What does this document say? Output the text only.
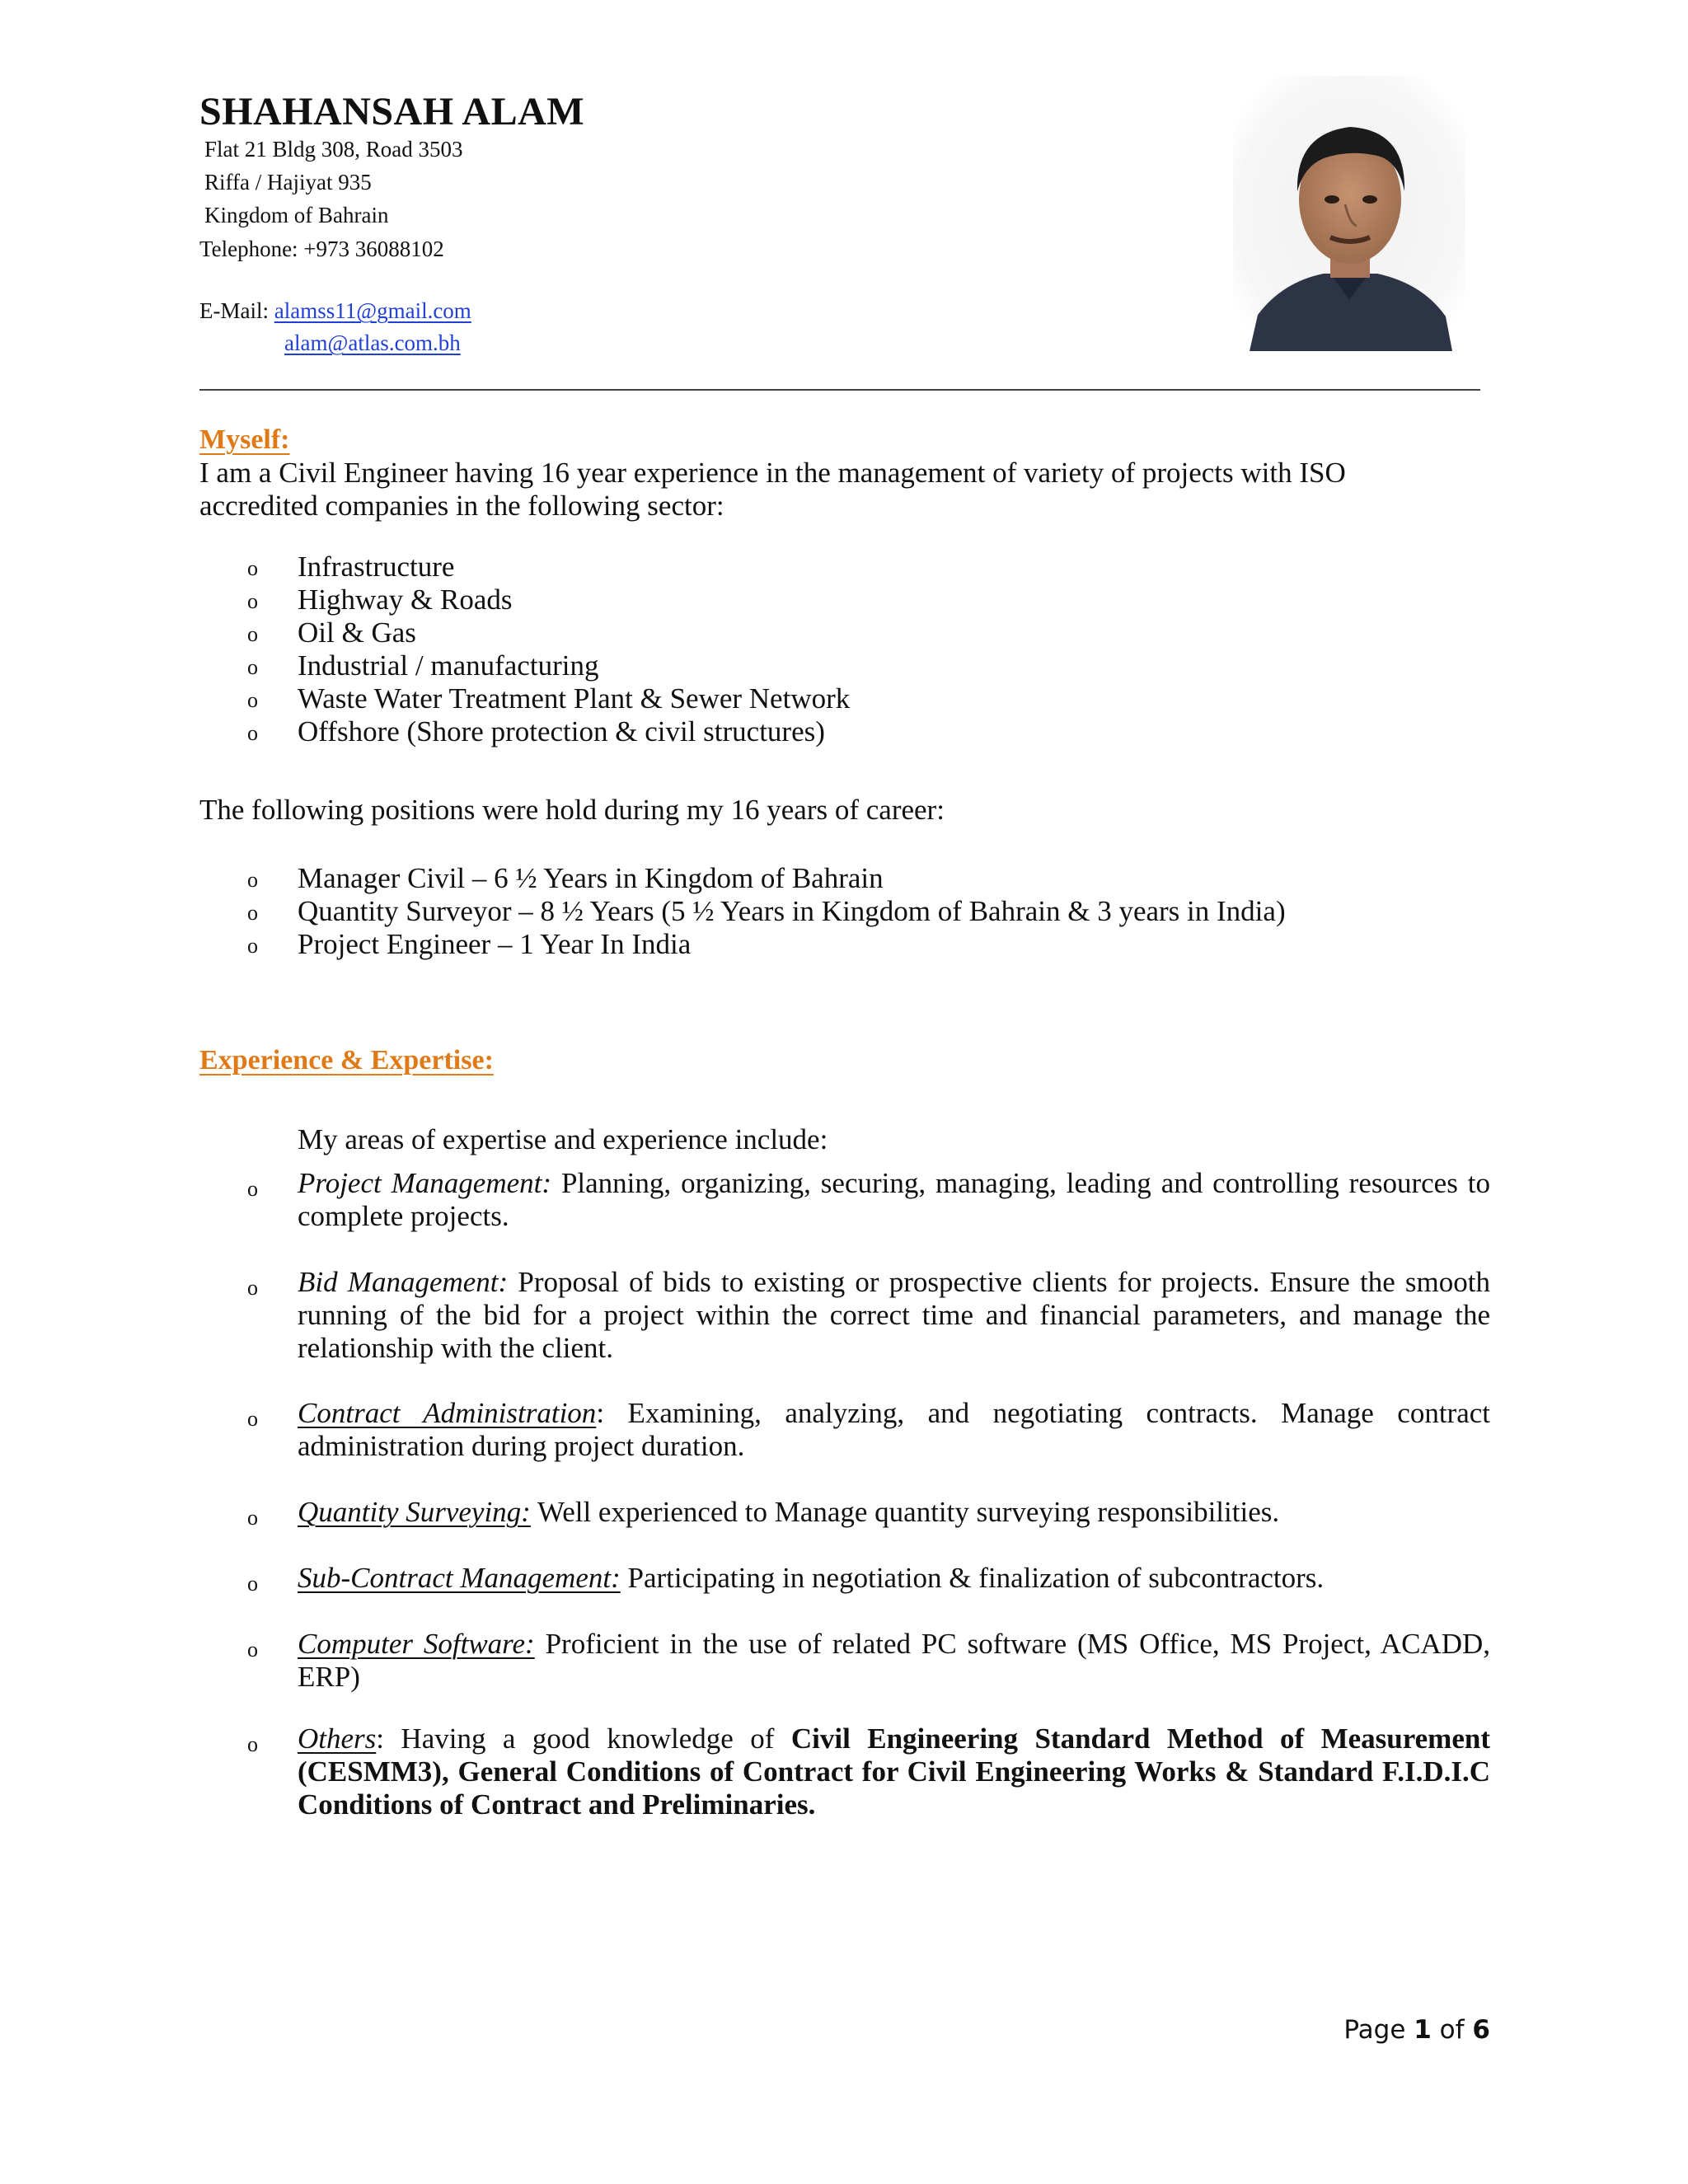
SHAHANSAH ALAM
Flat 21 Bldg 308, Road 3503
Riffa / Hajiyat 935
Kingdom of Bahrain
Telephone: +973 36088102
E-Mail: alamss11@gmail.com
alam@atlas.com.bh
Myself:
I am a Civil Engineer having 16 year experience in the management of variety of projects with ISO
accredited companies in the following sector:
o Infrastructure
o Highway & Roads
o Oil & Gas
o Industrial / manufacturing
o Waste Water Treatment Plant & Sewer Network
o Offshore (Shore protection & civil structures)
The following positions were hold during my 16 years of career:
o Manager Civil – 6 ½ Years in Kingdom of Bahrain
o Quantity Surveyor – 8 ½ Years (5 ½ Years in Kingdom of Bahrain & 3 years in India)
o Project Engineer – 1 Year In India
Experience & Expertise:
My areas of expertise and experience include:
o Project Management: Planning, organizing, securing, managing, leading and controlling resources to complete projects.
o Bid Management: Proposal of bids to existing or prospective clients for projects. Ensure the smooth running of the bid for a project within the correct time and financial parameters, and manage the relationship with the client.
o Contract Administration: Examining, analyzing, and negotiating contracts. Manage contract administration during project duration.
o Quantity Surveying: Well experienced to Manage quantity surveying responsibilities.
o Sub-Contract Management: Participating in negotiation & finalization of subcontractors.
o Computer Software: Proficient in the use of related PC software (MS Office, MS Project, ACADD, ERP)
o Others: Having a good knowledge of Civil Engineering Standard Method of Measurement (CESMM3), General Conditions of Contract for Civil Engineering Works & Standard F.I.D.I.C Conditions of Contract and Preliminaries.
Page 1 of 6
